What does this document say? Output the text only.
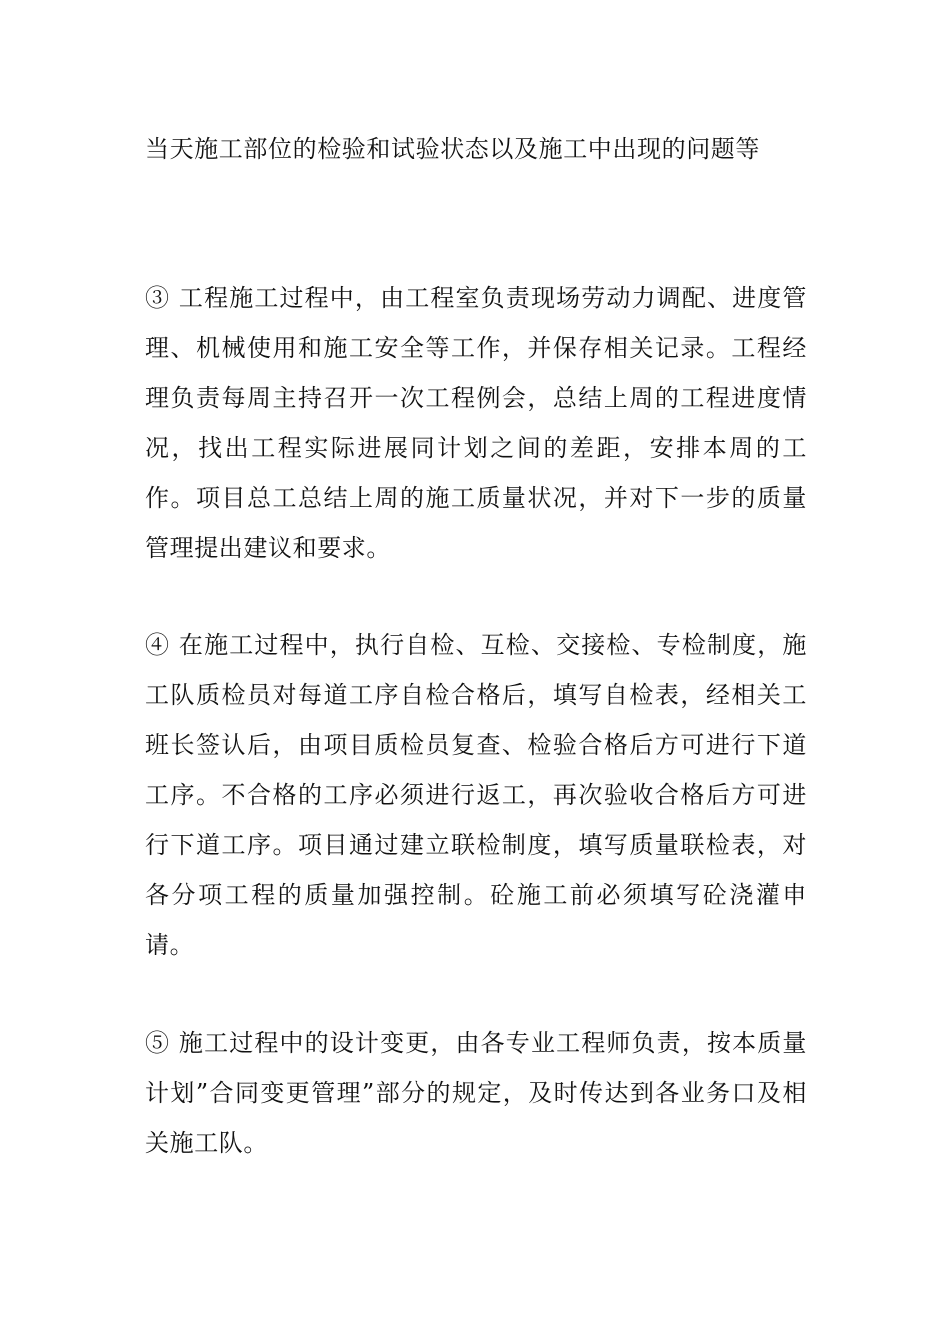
当天施工部位的检验和试验状态以及施工中出现的问题等

③ 工程施工过程中，由工程室负责现场劳动力调配、进度管理、机械使用和施工安全等工作，并保存相关记录。工程经理负责每周主持召开一次工程例会，总结上周的工程进度情况，找出工程实际进展同计划之间的差距，安排本周的工作。项目总工总结上周的施工质量状况，并对下一步的质量管理提出建议和要求。

④ 在施工过程中，执行自检、互检、交接检、专检制度，施工队质检员对每道工序自检合格后，填写自检表，经相关工班长签认后，由项目质检员复查、检验合格后方可进行下道工序。不合格的工序必须进行返工，再次验收合格后方可进行下道工序。项目通过建立联检制度，填写质量联检表，对各分项工程的质量加强控制。砼施工前必须填写砼浇灌申请。

⑤ 施工过程中的设计变更，由各专业工程师负责，按本质量计划”合同变更管理”部分的规定，及时传达到各业务口及相关施工队。
